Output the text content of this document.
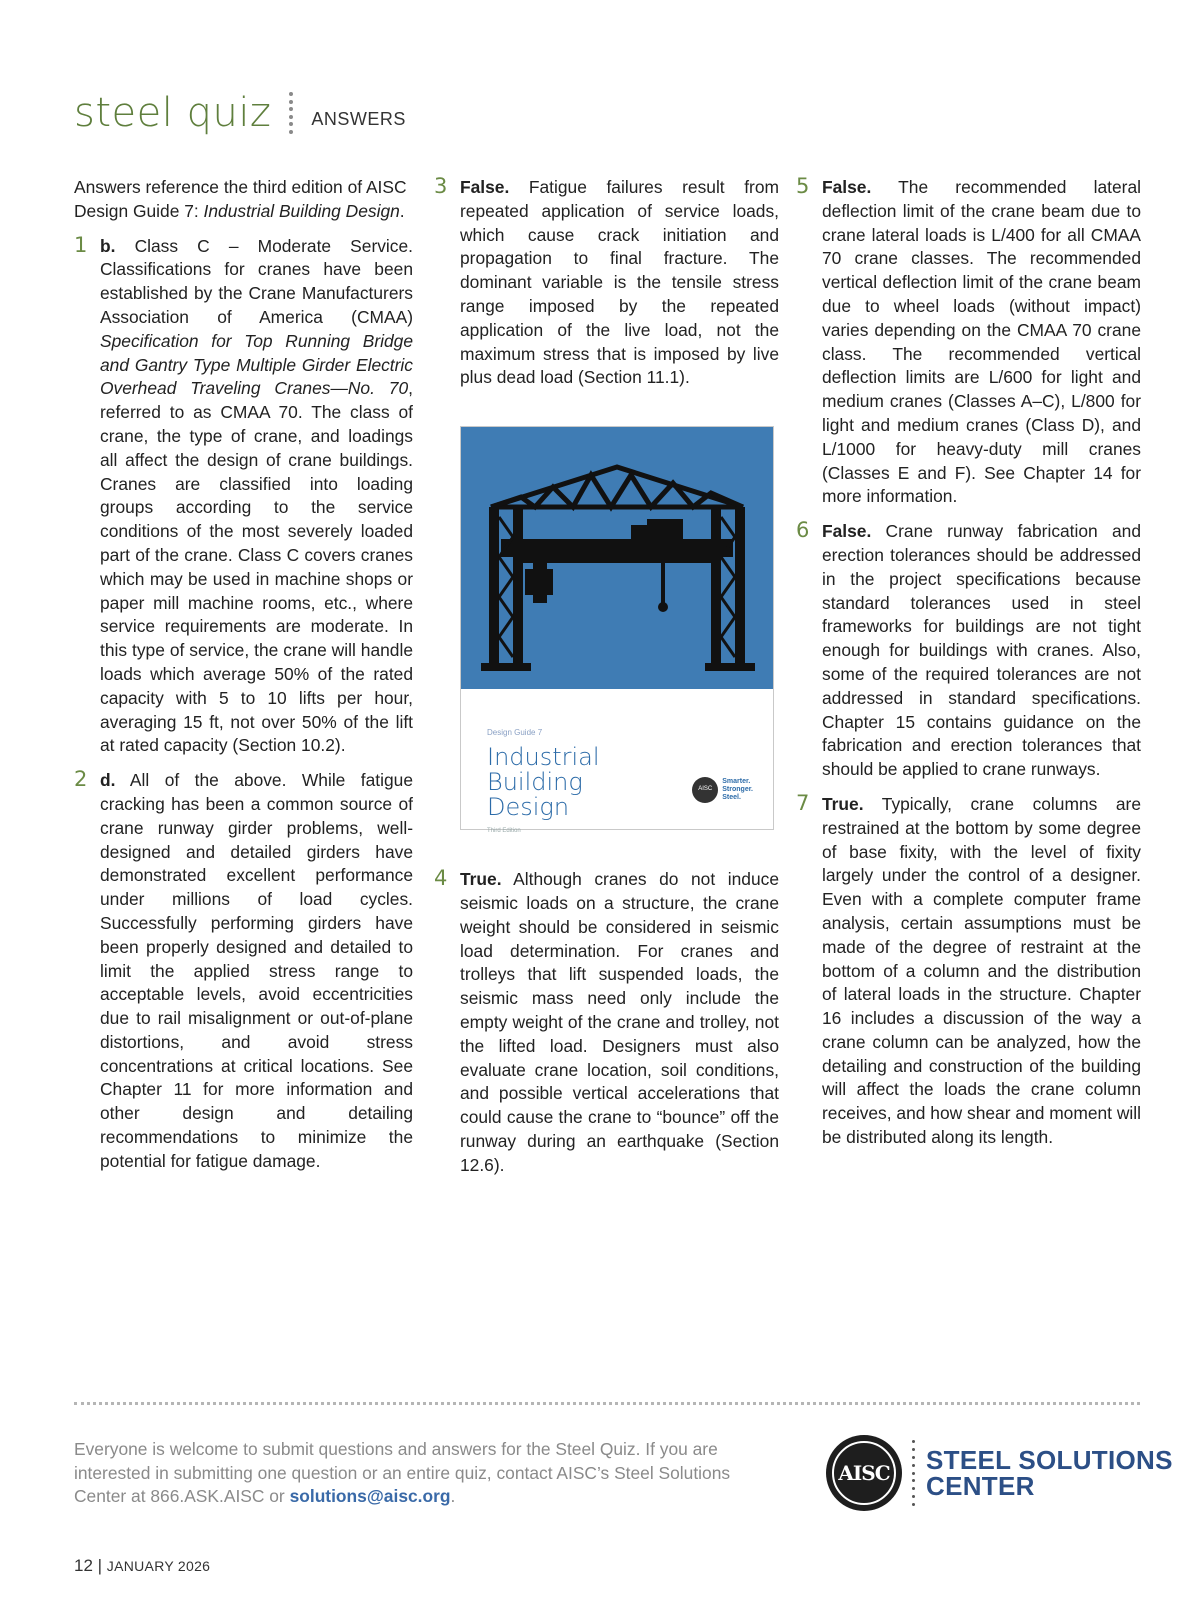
steel quiz ANSWERS

Answers reference the third edition of AISC Design Guide 7: Industrial Building Design.

1 b. Class C – Moderate Service. Classifications for cranes have been established by the Crane Manufacturers Association of America (CMAA) Specification for Top Running Bridge and Gantry Type Multiple Girder Electric Overhead Traveling Cranes—No. 70, referred to as CMAA 70. The class of crane, the type of crane, and loadings all affect the design of crane buildings. Cranes are classified into loading groups according to the service conditions of the most severely loaded part of the crane. Class C covers cranes which may be used in machine shops or paper mill machine rooms, etc., where service requirements are moderate. In this type of service, the crane will handle loads which average 50% of the rated capacity with 5 to 10 lifts per hour, averaging 15 ft, not over 50% of the lift at rated capacity (Section 10.2).

2 d. All of the above. While fatigue cracking has been a common source of crane runway girder problems, well-designed and detailed girders have demonstrated excellent performance under millions of load cycles. Successfully performing girders have been properly designed and detailed to limit the applied stress range to acceptable levels, avoid eccentricities due to rail misalignment or out-of-plane distortions, and avoid stress concentrations at critical locations. See Chapter 11 for more information and other design and detailing recommendations to minimize the potential for fatigue damage.

3 False. Fatigue failures result from repeated application of service loads, which cause crack initiation and propagation to final fracture. The dominant variable is the tensile stress range imposed by the repeated application of the live load, not the maximum stress that is imposed by live plus dead load (Section 11.1).

Design Guide 7
Industrial
Building
Design
Third Edition
AISC
Smarter.
Stronger.
Steel.
4 True. Although cranes do not induce seismic loads on a structure, the crane weight should be considered in seismic load determination. For cranes and trolleys that lift suspended loads, the seismic mass need only include the empty weight of the crane and trolley, not the lifted load. Designers must also evaluate crane location, soil conditions, and possible vertical accelerations that could cause the crane to “bounce” off the runway during an earthquake (Section 12.6).

5 False. The recommended lateral deflection limit of the crane beam due to crane lateral loads is L/400 for all CMAA 70 crane classes. The recommended vertical deflection limit of the crane beam due to wheel loads (without impact) varies depending on the CMAA 70 crane class. The recommended vertical deflection limits are L/600 for light and medium cranes (Classes A–C), L/800 for light and medium cranes (Class D), and L/1000 for heavy-duty mill cranes (Classes E and F). See Chapter 14 for more information.

6 False. Crane runway fabrication and erection tolerances should be addressed in the project specifications because standard tolerances used in steel frameworks for buildings are not tight enough for buildings with cranes. Also, some of the required tolerances are not addressed in standard specifications. Chapter 15 contains guidance on the fabrication and erection tolerances that should be applied to crane runways.

7 True. Typically, crane columns are restrained at the bottom by some degree of base fixity, with the level of fixity largely under the control of a designer. Even with a complete computer frame analysis, certain assumptions must be made of the degree of restraint at the bottom of a column and the distribution of lateral loads in the structure. Chapter 16 includes a discussion of the way a crane column can be analyzed, how the detailing and construction of the building will affect the loads the crane column receives, and how shear and moment will be distributed along its length.

Everyone is welcome to submit questions and answers for the Steel Quiz. If you are interested in submitting one question or an entire quiz, contact AISC’s Steel Solutions Center at 866.ASK.AISC or solutions@aisc.org.
AISC	STEEL SOLUTIONS
CENTER
12 | JANUARY 2026
